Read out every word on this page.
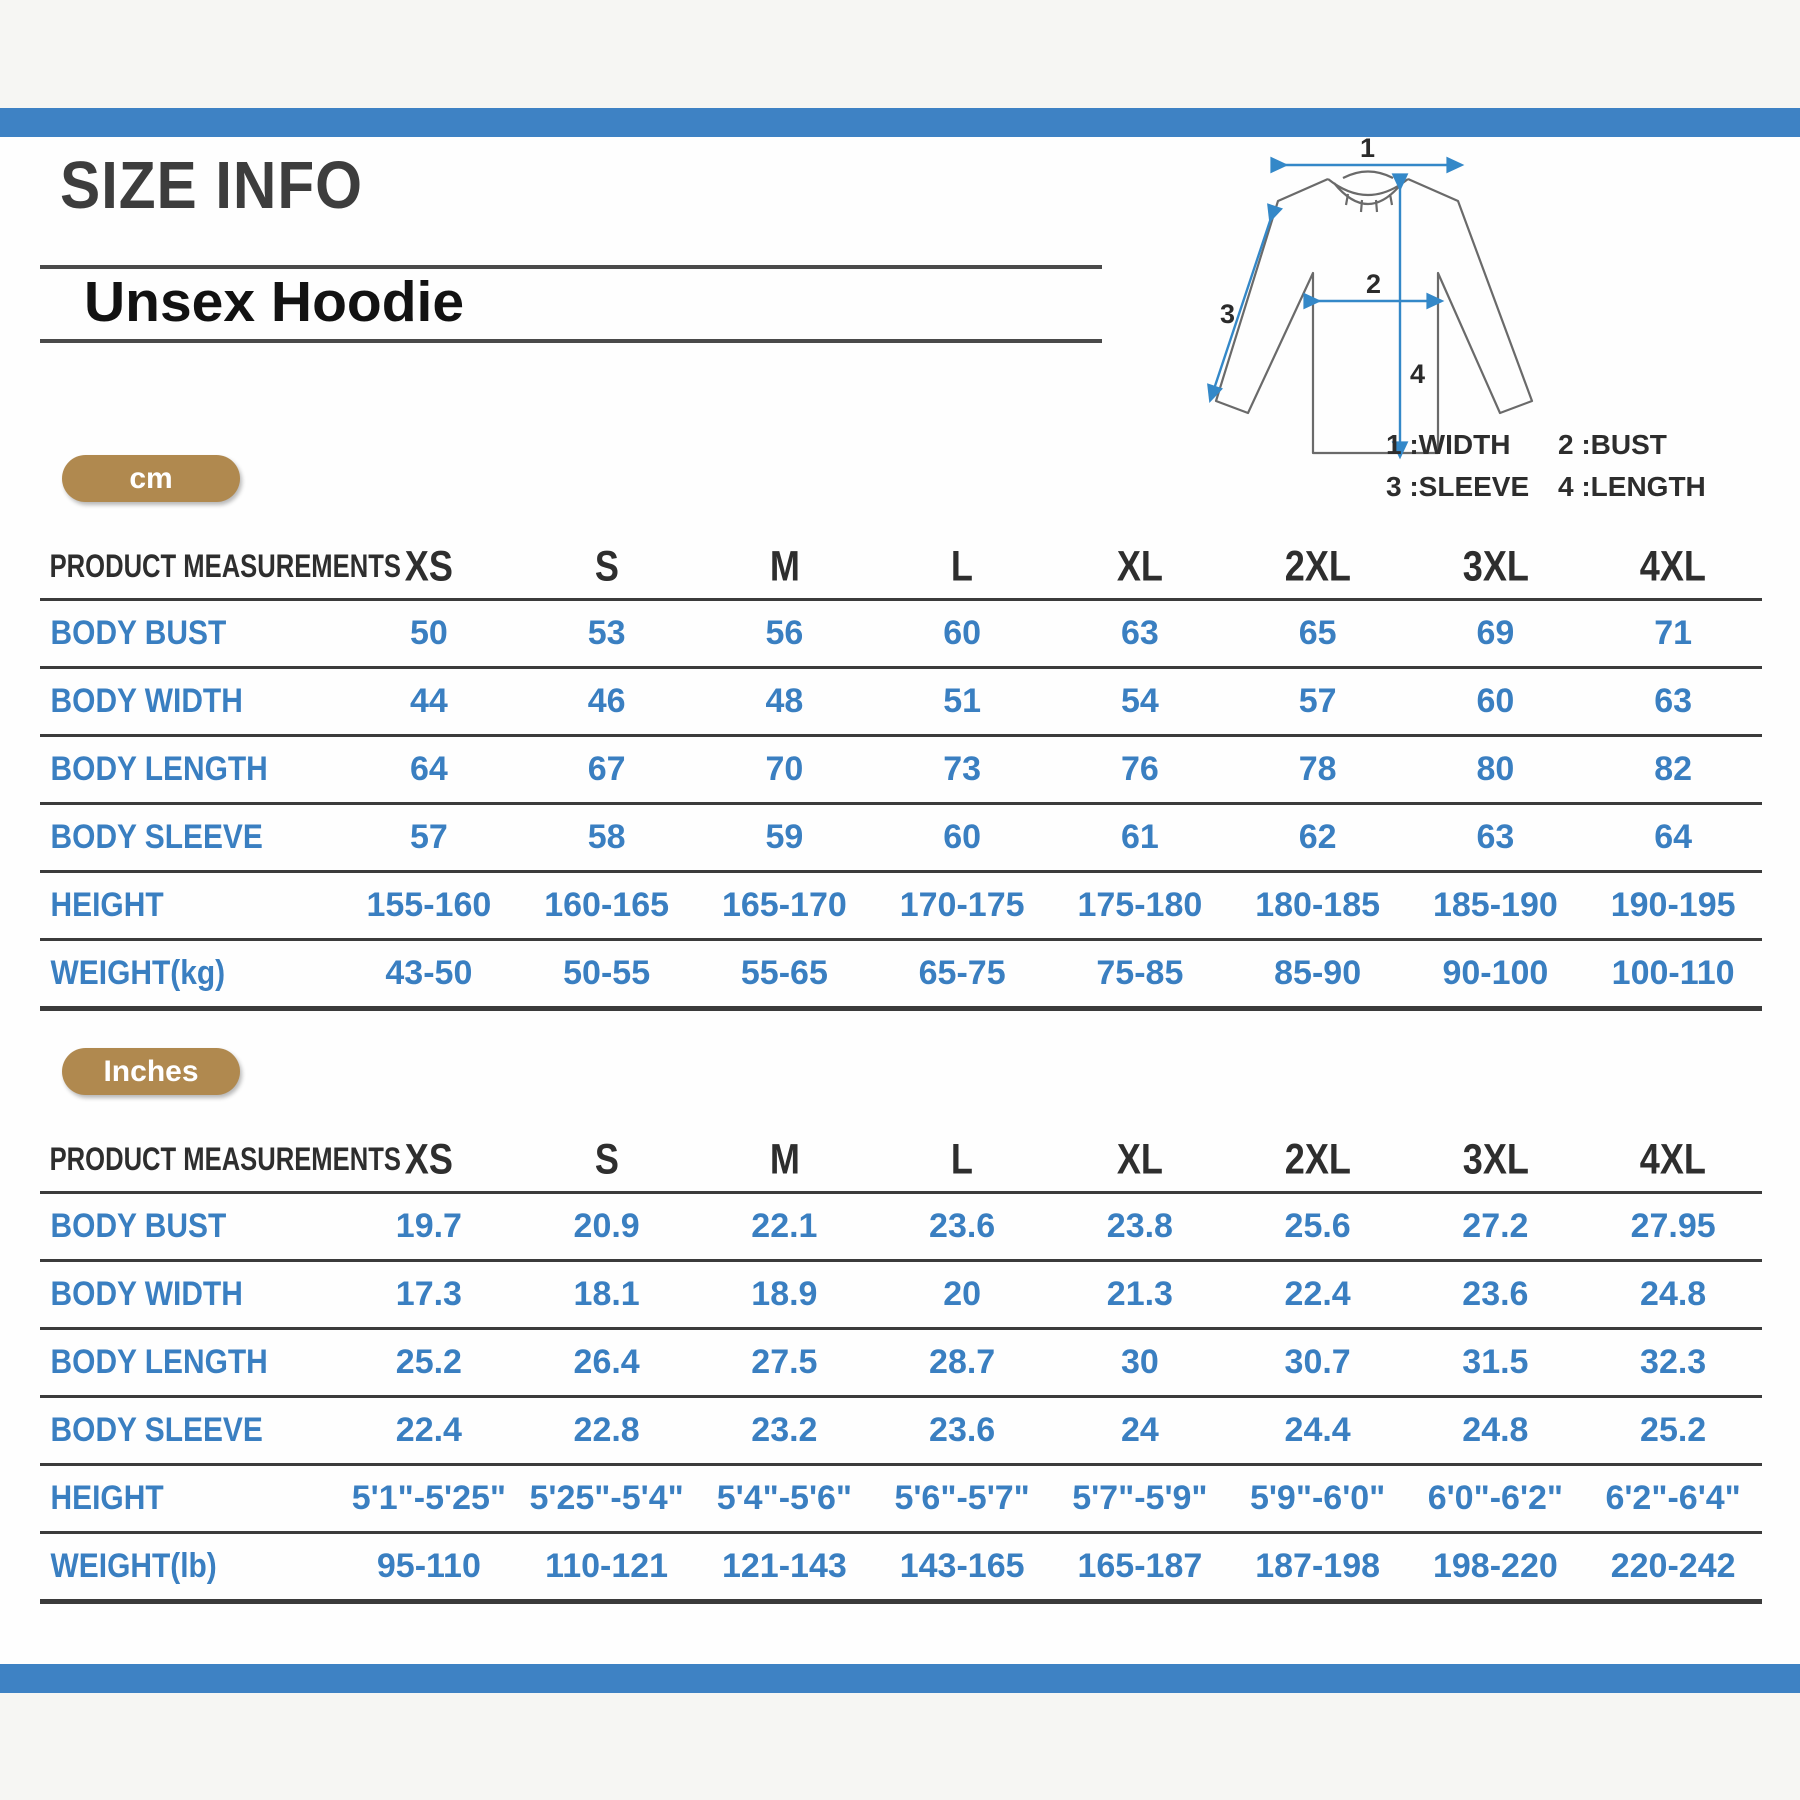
SIZE INFO
Unsex Hoodie
1
2
3
4
1 :WIDTH	2 :BUST
3 :SLEEVE	4 :LENGTH
cm
PRODUCT MEASUREMENTS XS	S	M	L	XL	2XL	3XL	4XL
BODY BUST	50	53	56	60	63	65	69	71
BODY WIDTH	44	46	48	51	54	57	60	63
BODY LENGTH	64	67	70	73	76	78	80	82
BODY SLEEVE	57	58	59	60	61	62	63	64
HEIGHT	155-160	160-165	165-170	170-175	175-180	180-185	185-190	190-195
WEIGHT(kg)	43-50	50-55	55-65	65-75	75-85	85-90	90-100	100-110
Inches
PRODUCT MEASUREMENTS XS	S	M	L	XL	2XL	3XL	4XL
BODY BUST	19.7	20.9	22.1	23.6	23.8	25.6	27.2	27.95
BODY WIDTH	17.3	18.1	18.9	20	21.3	22.4	23.6	24.8
BODY LENGTH	25.2	26.4	27.5	28.7	30	30.7	31.5	32.3
BODY SLEEVE	22.4	22.8	23.2	23.6	24	24.4	24.8	25.2
HEIGHT	5'1"-5'25" 5'25"-5'4" 5'4"-5'6"	5'6"-5'7"	5'7"-5'9"	5'9"-6'0"	6'0"-6'2"	6'2"-6'4"
WEIGHT(lb)	95-110	110-121	121-143	143-165	165-187	187-198	198-220	220-242
